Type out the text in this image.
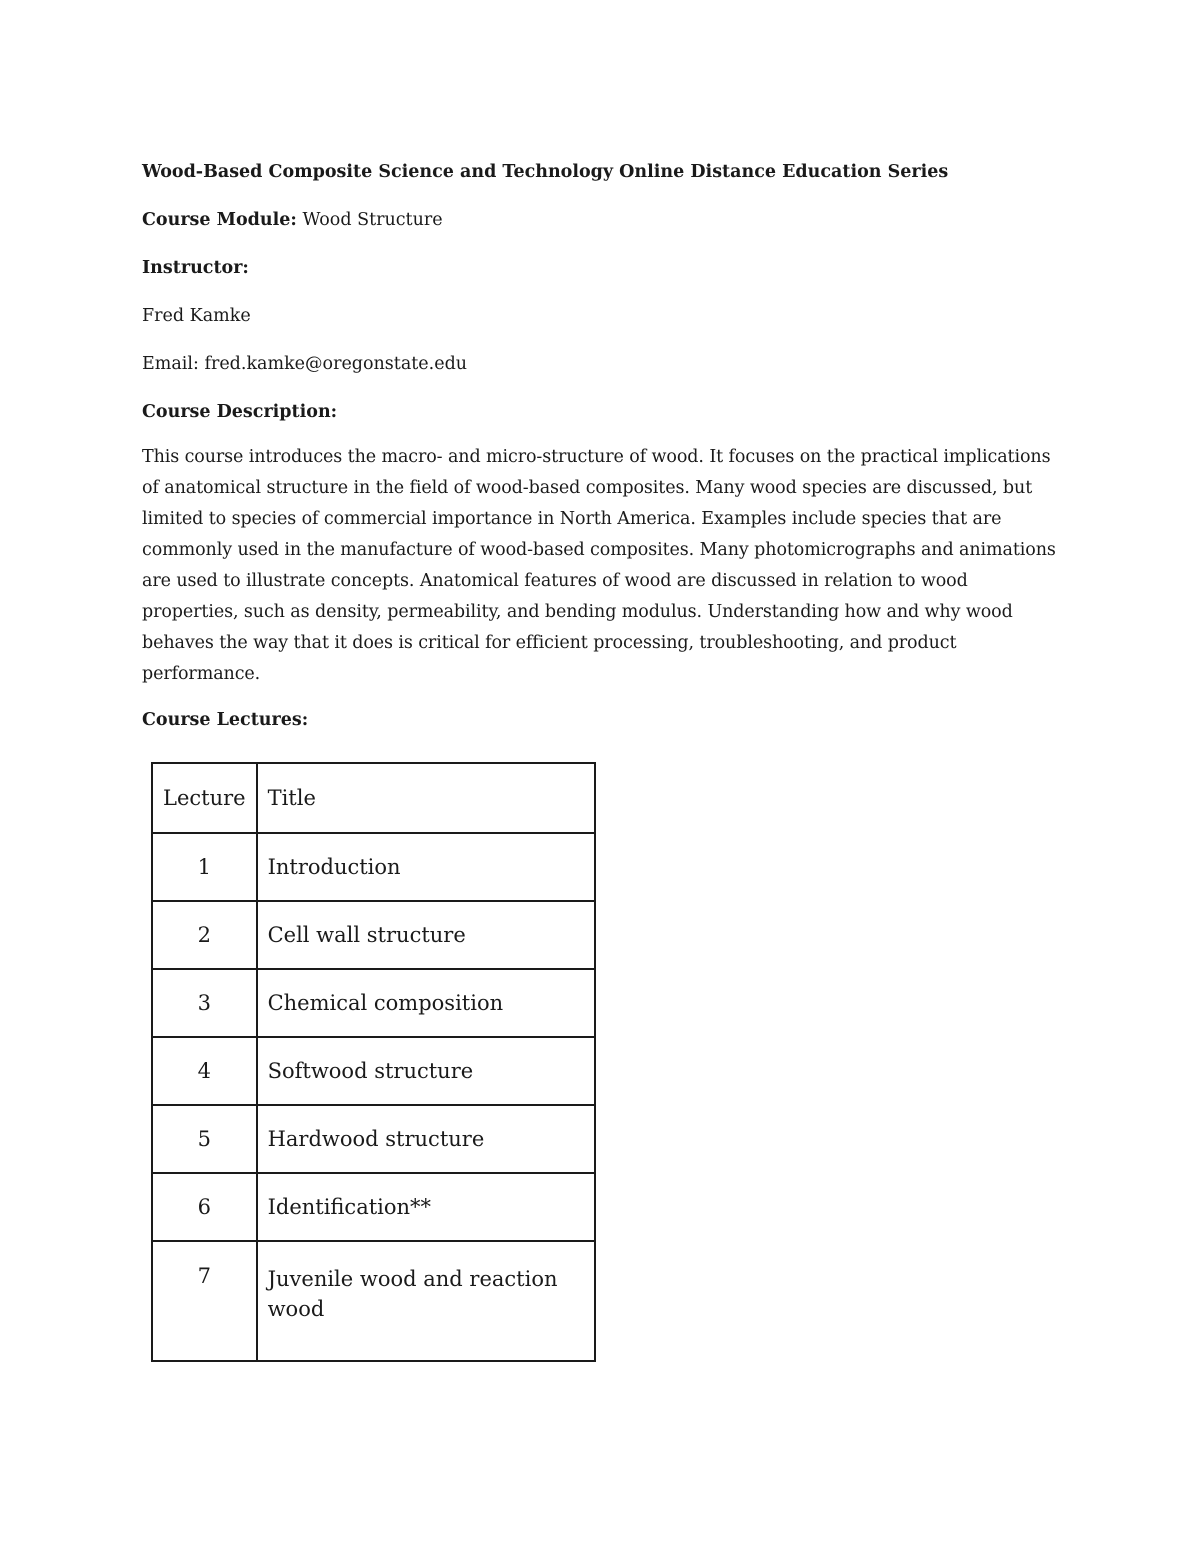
Wood-Based Composite Science and Technology Online Distance Education Series

Course Module: Wood Structure

Instructor:

Fred Kamke

Email: fred.kamke@oregonstate.edu

Course Description:

This course introduces the macro- and micro-structure of wood. It focuses on the practical implications of anatomical structure in the field of wood-based composites. Many wood species are discussed, but limited to species of commercial importance in North America. Examples include species that are commonly used in the manufacture of wood-based composites. Many photomicrographs and animations are used to illustrate concepts. Anatomical features of wood are discussed in relation to wood properties, such as density, permeability, and bending modulus. Understanding how and why wood behaves the way that it does is critical for efficient processing, troubleshooting, and product performance.

Course Lectures:

Lecture	Title
1	Introduction
2	Cell wall structure
3	Chemical composition
4	Softwood structure
5	Hardwood structure
6	Identification**
7	Juvenile wood and reaction wood
